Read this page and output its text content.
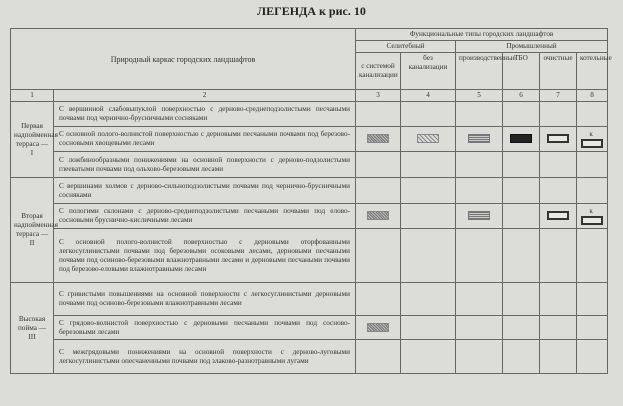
ЛЕГЕНДА к рис. 10
Природный каркас городских ландшафтов		Функциональные типы городских ландшафтов					
		Селитебный		Промышленный			
		с системой канализации	без канализации	производственные	ТБО	очистные	котельные
1	2	3	4	5	6	7	8
Первая надпойменная терраса — I	С вершинной слабовыпуклой поверхностью с дерново-среднеподзолистыми песчаными почвами под чернично-брусничными сосняками						
	С основной полого-волнистой поверхностью с дерновыми песчаными почвами под березово-сосновыми хвощевыми лесами						к
	С ложбинообразными понижениями на основной поверхности с дерново-подзолистыми глееватыми почвами под ольхово-березовыми лесами						
Вторая надпойменная терраса — II	С вершинами холмов с дерново-сильноподзолистыми почвами под чернично-брусничными сосняками						
	С пологими склонами с дерново-среднеподзолистыми песчаными почвами под елово-сосновыми бруснично-кисличными лесами						к
	С основной полого-волнистой поверхностью с дерновыми оторфованными легкосуглинистыми почвами под березовыми осоковыми лесами, дерновыми песчаными почвами под осиново-березовыми влажнотравными лесами и дерновыми песчаными почвами под березово-еловыми влажнотравными лесами						
Высокая пойма — III	С гривистыми повышениями на основной поверхности с легкосуглинистыми дерновыми почвами под осиново-березовыми влажнотравными лесами						
	С грядово-волнистой поверхностью с дерновыми песчаными почвами под сосново-березовыми лесами						
	С межгрядовыми понижениями на основной поверхности с дерново-луговыми легкосуглинистыми опесчаненными почвами под злаково-разнотравными лугами						
